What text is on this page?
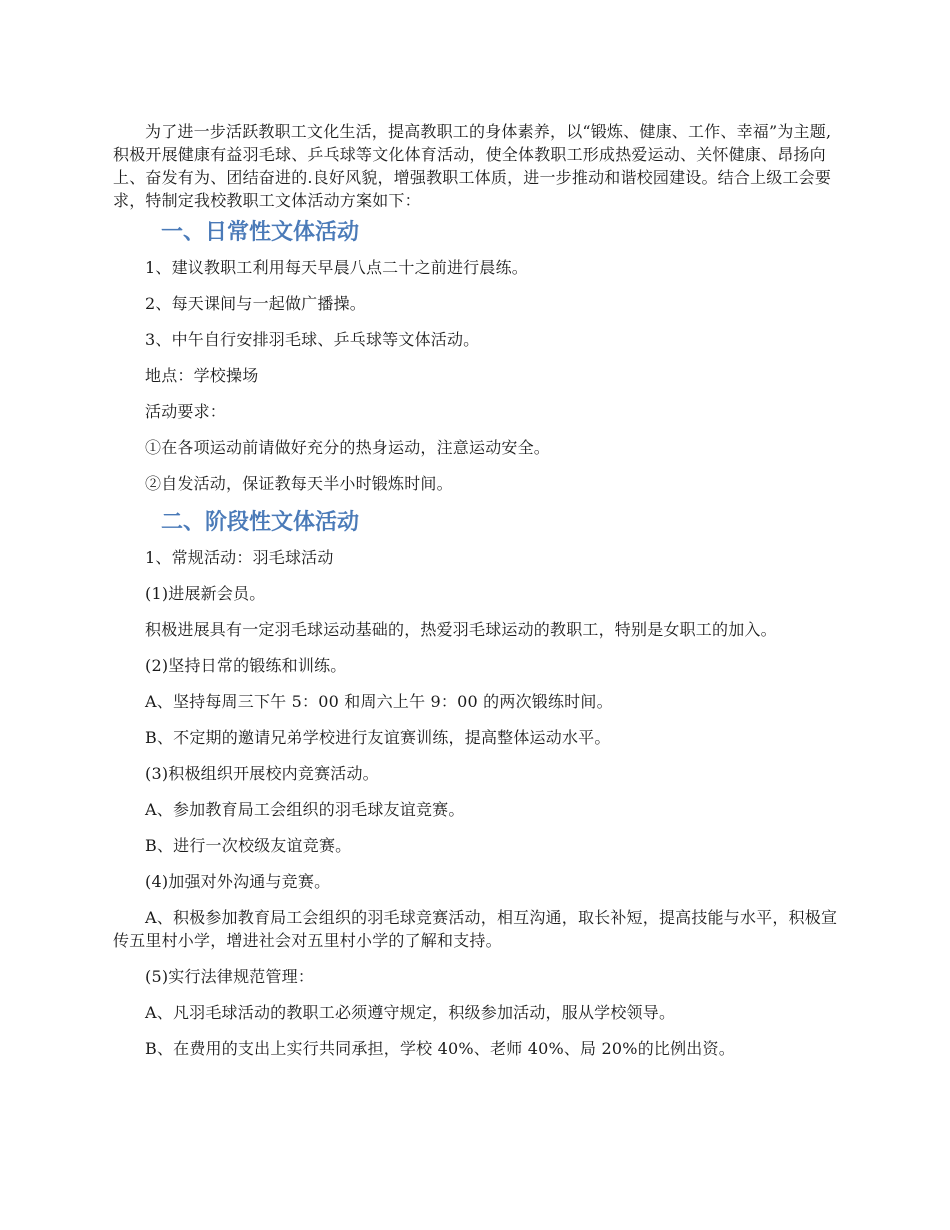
为了进一步活跃教职工文化生活，提高教职工的身体素养，以“锻炼、健康、工作、幸福”为主题,积极开展健康有益羽毛球、乒乓球等文化体育活动，使全体教职工形成热爱运动、关怀健康、昂扬向上、奋发有为、团结奋进的.良好风貌，增强教职工体质，进一步推动和谐校园建设。结合上级工会要求，特制定我校教职工文体活动方案如下：

一、日常性文体活动

1、建议教职工利用每天早晨八点二十之前进行晨练。

2、每天课间与一起做广播操。

3、中午自行安排羽毛球、乒乓球等文体活动。

地点：学校操场

活动要求：

①在各项运动前请做好充分的热身运动，注意运动安全。

②自发活动，保证教每天半小时锻炼时间。

二、阶段性文体活动

1、常规活动：羽毛球活动

(1)进展新会员。

积极进展具有一定羽毛球运动基础的，热爱羽毛球运动的教职工，特别是女职工的加入。

(2)坚持日常的锻练和训练。

A、坚持每周三下午 5：00 和周六上午 9：00 的两次锻练时间。

B、不定期的邀请兄弟学校进行友谊赛训练，提高整体运动水平。

(3)积极组织开展校内竞赛活动。

A、参加教育局工会组织的羽毛球友谊竞赛。

B、进行一次校级友谊竞赛。

(4)加强对外沟通与竞赛。

A、积极参加教育局工会组织的羽毛球竞赛活动，相互沟通，取长补短，提高技能与水平，积极宣传五里村小学，增进社会对五里村小学的了解和支持。

(5)实行法律规范管理：

A、凡羽毛球活动的教职工必须遵守规定，积级参加活动，服从学校领导。

B、在费用的支出上实行共同承担，学校 40%、老师 40%、局 20%的比例出资。
